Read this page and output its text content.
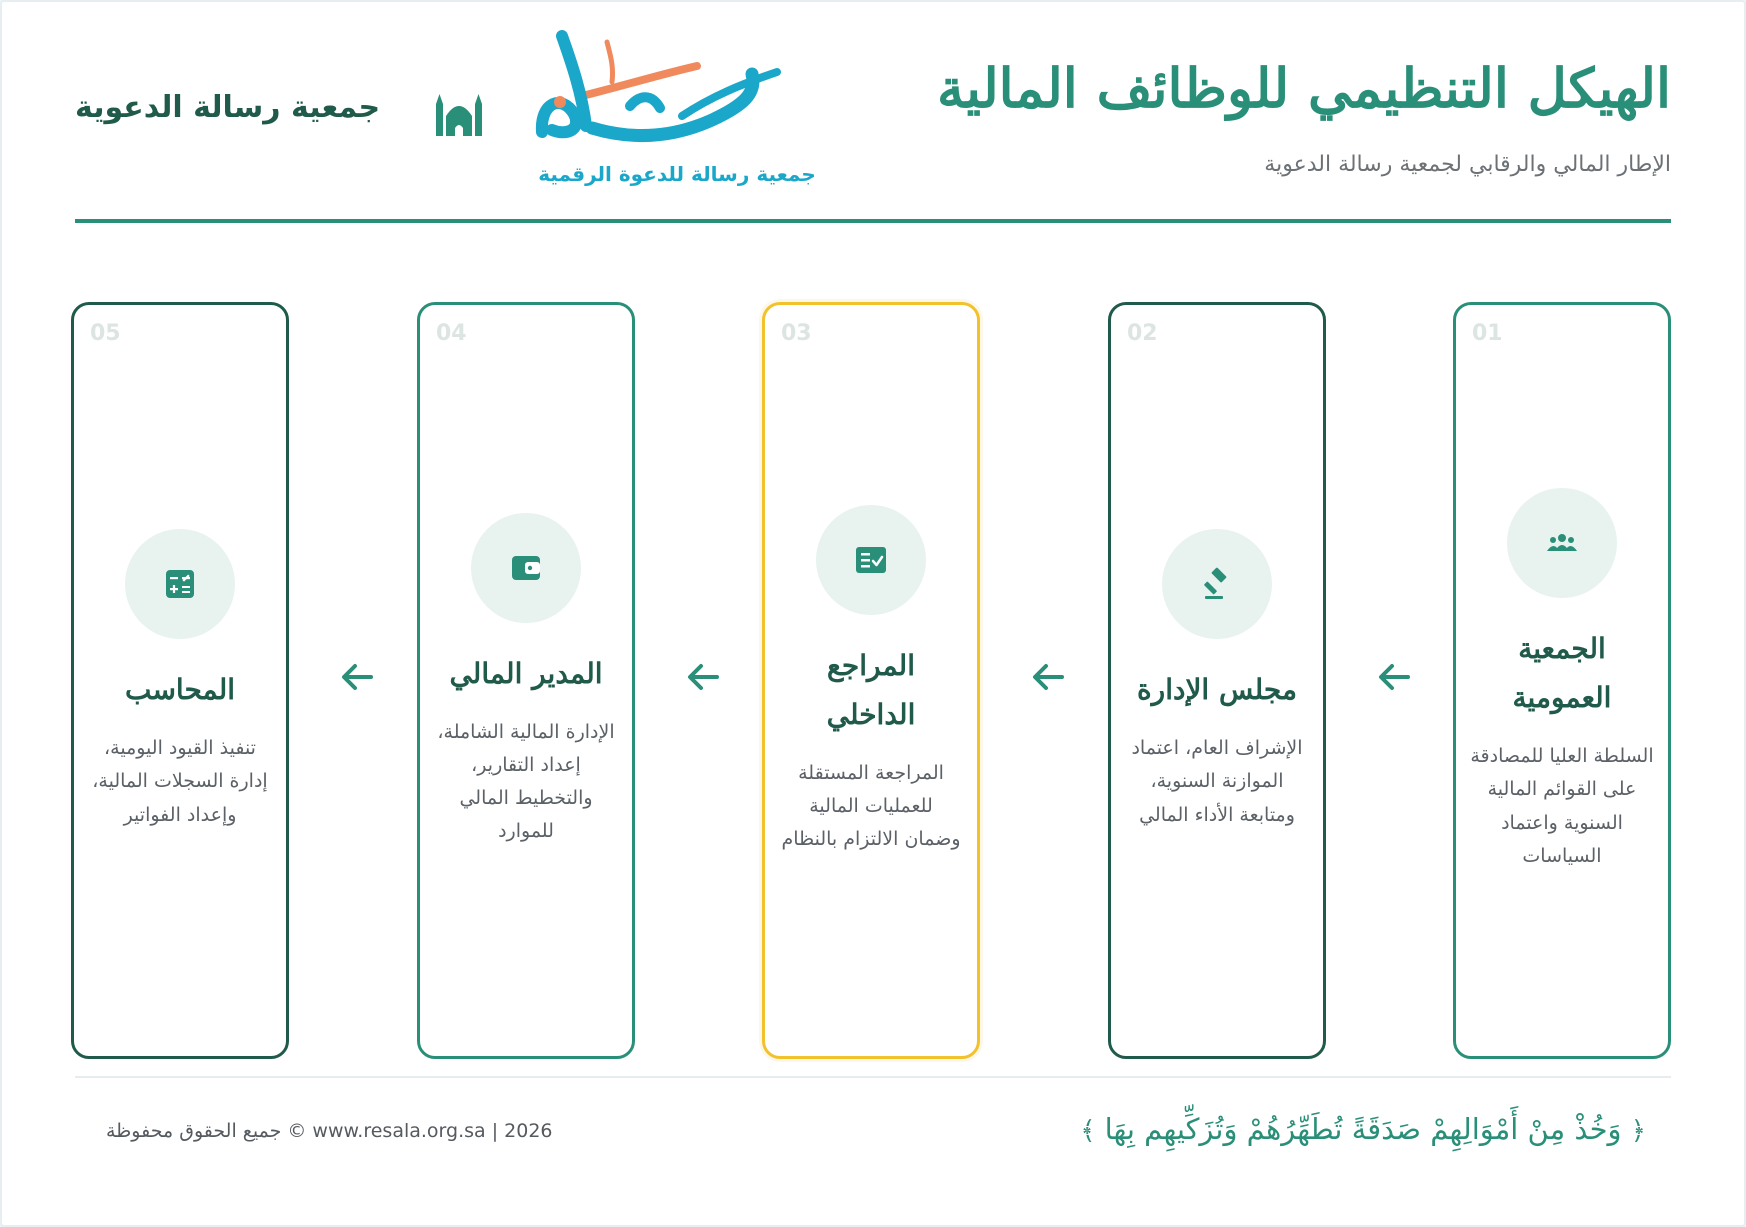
الهيكل التنظيمي للوظائف المالية

الإطار المالي والرقابي لجمعية رسالة الدعوية

جمعية رسالة للدعوة الرقمية
جمعية رسالة الدعوية
01
الجمعية العمومية
السلطة العليا للمصادقة على القوائم المالية السنوية واعتماد السياسات
02
مجلس الإدارة
الإشراف العام، اعتماد الموازنة السنوية، ومتابعة الأداء المالي
03
المراجع الداخلي
المراجعة المستقلة للعمليات المالية وضمان الالتزام بالنظام
04
المدير المالي
الإدارة المالية الشاملة، إعداد التقارير، والتخطيط المالي للموارد
05
المحاسب
تنفيذ القيود اليومية، إدارة السجلات المالية، وإعداد الفواتير
﴿ وَخُذْ مِنْ أَمْوَالِهِمْ صَدَقَةً تُطَهِّرُهُمْ وَتُزَكِّيهِم بِهَا ﴾
www.resala.org.sa | 2026 © جميع الحقوق محفوظة
